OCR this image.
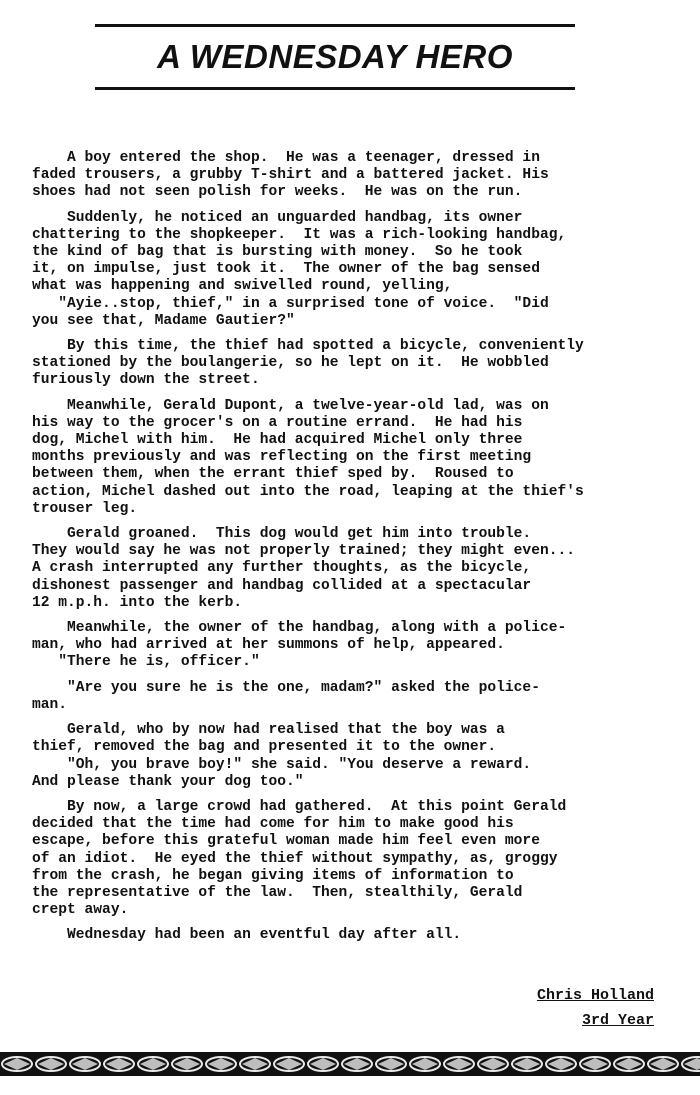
A WEDNESDAY HERO

A boy entered the shop.  He was a teenager, dressed in
faded trousers, a grubby T-shirt and a battered jacket. His
shoes had not seen polish for weeks.  He was on the run.

Suddenly, he noticed an unguarded handbag, its owner
chattering to the shopkeeper.  It was a rich-looking handbag,
the kind of bag that is bursting with money.  So he took
it, on impulse, just took it.  The owner of the bag sensed
what was happening and swivelled round, yelling,

"Ayie..stop, thief," in a surprised tone of voice.  "Did
you see that, Madame Gautier?"

By this time, the thief had spotted a bicycle, conveniently
stationed by the boulangerie, so he lept on it.  He wobbled
furiously down the street.

Meanwhile, Gerald Dupont, a twelve-year-old lad, was on
his way to the grocer's on a routine errand.  He had his
dog, Michel with him.  He had acquired Michel only three
months previously and was reflecting on the first meeting
between them, when the errant thief sped by.  Roused to
action, Michel dashed out into the road, leaping at the thief's
trouser leg.

Gerald groaned.  This dog would get him into trouble.
They would say he was not properly trained; they might even...
A crash interrupted any further thoughts, as the bicycle,
dishonest passenger and handbag collided at a spectacular
12 m.p.h. into the kerb.

Meanwhile, the owner of the handbag, along with a police-
man, who had arrived at her summons of help, appeared.

"There he is, officer."

"Are you sure he is the one, madam?" asked the police-
man.

Gerald, who by now had realised that the boy was a
thief, removed the bag and presented it to the owner.

"Oh, you brave boy!" she said. "You deserve a reward.
And please thank your dog too."

By now, a large crowd had gathered.  At this point Gerald
decided that the time had come for him to make good his
escape, before this grateful woman made him feel even more
of an idiot.  He eyed the thief without sympathy, as, groggy
from the crash, he began giving items of information to
the representative of the law.  Then, stealthily, Gerald
crept away.

Wednesday had been an eventful day after all.

Chris Holland
3rd Year
